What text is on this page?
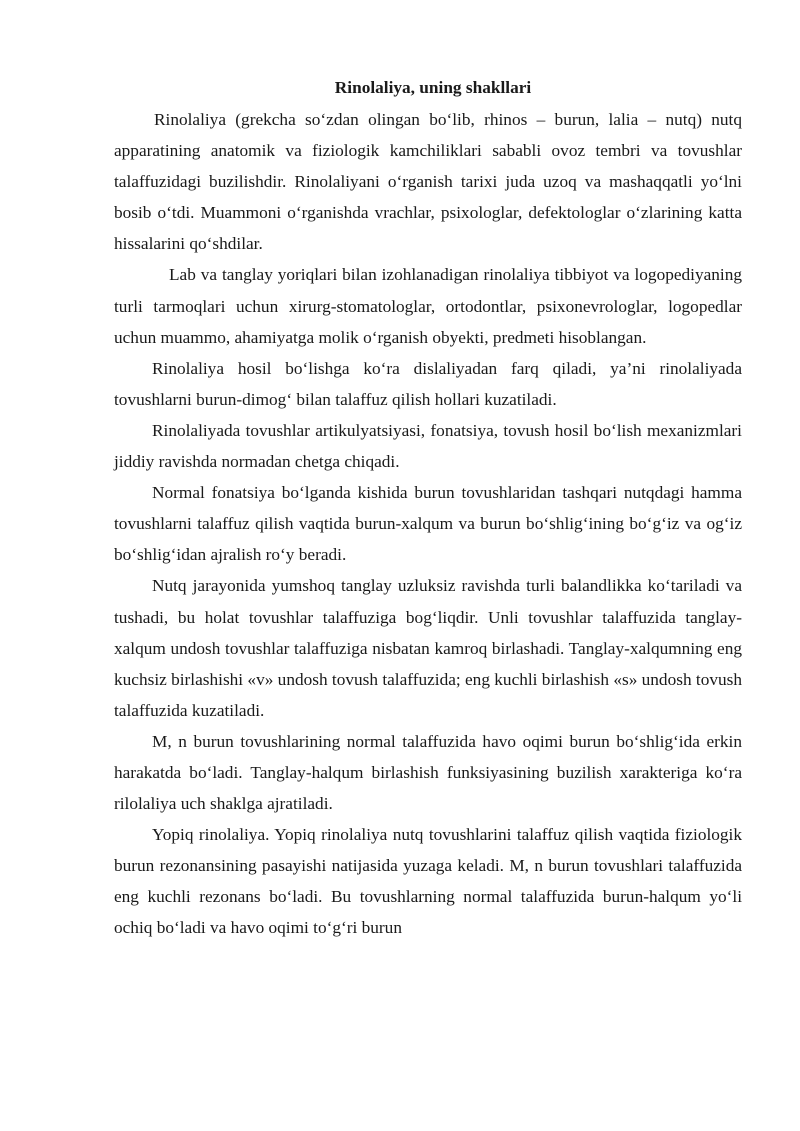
Rinolaliya, uning shakllari

Rinolaliya (grekcha so‘zdan olingan bo‘lib, rhinos – burun, lalia – nutq) nutq apparatining anatomik va fiziologik kamchiliklari sababli ovoz tembri va tovushlar talaffuzidagi buzilishdir. Rinolaliyani o‘rganish tarixi juda uzoq va mashaqqatli yo‘lni bosib o‘tdi. Muammoni o‘rganishda vrachlar, psixologlar, defektologlar o‘zlarining katta hissalarini qo‘shdilar.

Lab va tanglay yoriqlari bilan izohlanadigan rinolaliya tibbiyot va logopediyaning turli tarmoqlari uchun xirurg-stomatologlar, ortodontlar, psixonevrologlar, logopedlar uchun muammo, ahamiyatga molik o‘rganish obyekti, predmeti hisoblangan.

Rinolaliya hosil bo‘lishga ko‘ra dislaliyadan farq qiladi, ya’ni rinolaliyada tovushlarni burun-dimog‘ bilan talaffuz qilish hollari kuzatiladi.

Rinolaliyada tovushlar artikulyatsiyasi, fonatsiya, tovush hosil bo‘lish mexanizmlari jiddiy ravishda normadan chetga chiqadi.

Normal fonatsiya bo‘lganda kishida burun tovushlaridan tashqari nutqdagi hamma tovushlarni talaffuz qilish vaqtida burun-xalqum va burun bo‘shlig‘ining bo‘g‘iz va og‘iz bo‘shlig‘idan ajralish ro‘y beradi.

Nutq jarayonida yumshoq tanglay uzluksiz ravishda turli balandlikka ko‘tariladi va tushadi, bu holat tovushlar talaffuziga bog‘liqdir. Unli tovushlar talaffuzida tanglay-xalqum undosh tovushlar talaffuziga nisbatan kamroq birlashadi. Tanglay-xalqumning eng kuchsiz birlashishi «v» undosh tovush talaffuzida; eng kuchli birlashish «s» undosh tovush talaffuzida kuzatiladi.

M, n burun tovushlarining normal talaffuzida havo oqimi burun bo‘shlig‘ida erkin harakatda bo‘ladi. Tanglay-halqum birlashish funksiyasining buzilish xarakteriga ko‘ra rilolaliya uch shaklga ajratiladi.

Yopiq rinolaliya. Yopiq rinolaliya nutq tovushlarini talaffuz qilish vaqtida fiziologik burun rezonansining pasayishi natijasida yuzaga keladi. M, n burun tovushlari talaffuzida eng kuchli rezonans bo‘ladi. Bu tovushlarning normal talaffuzida burun-halqum yo‘li ochiq bo‘ladi va havo oqimi to‘g‘ri burun
